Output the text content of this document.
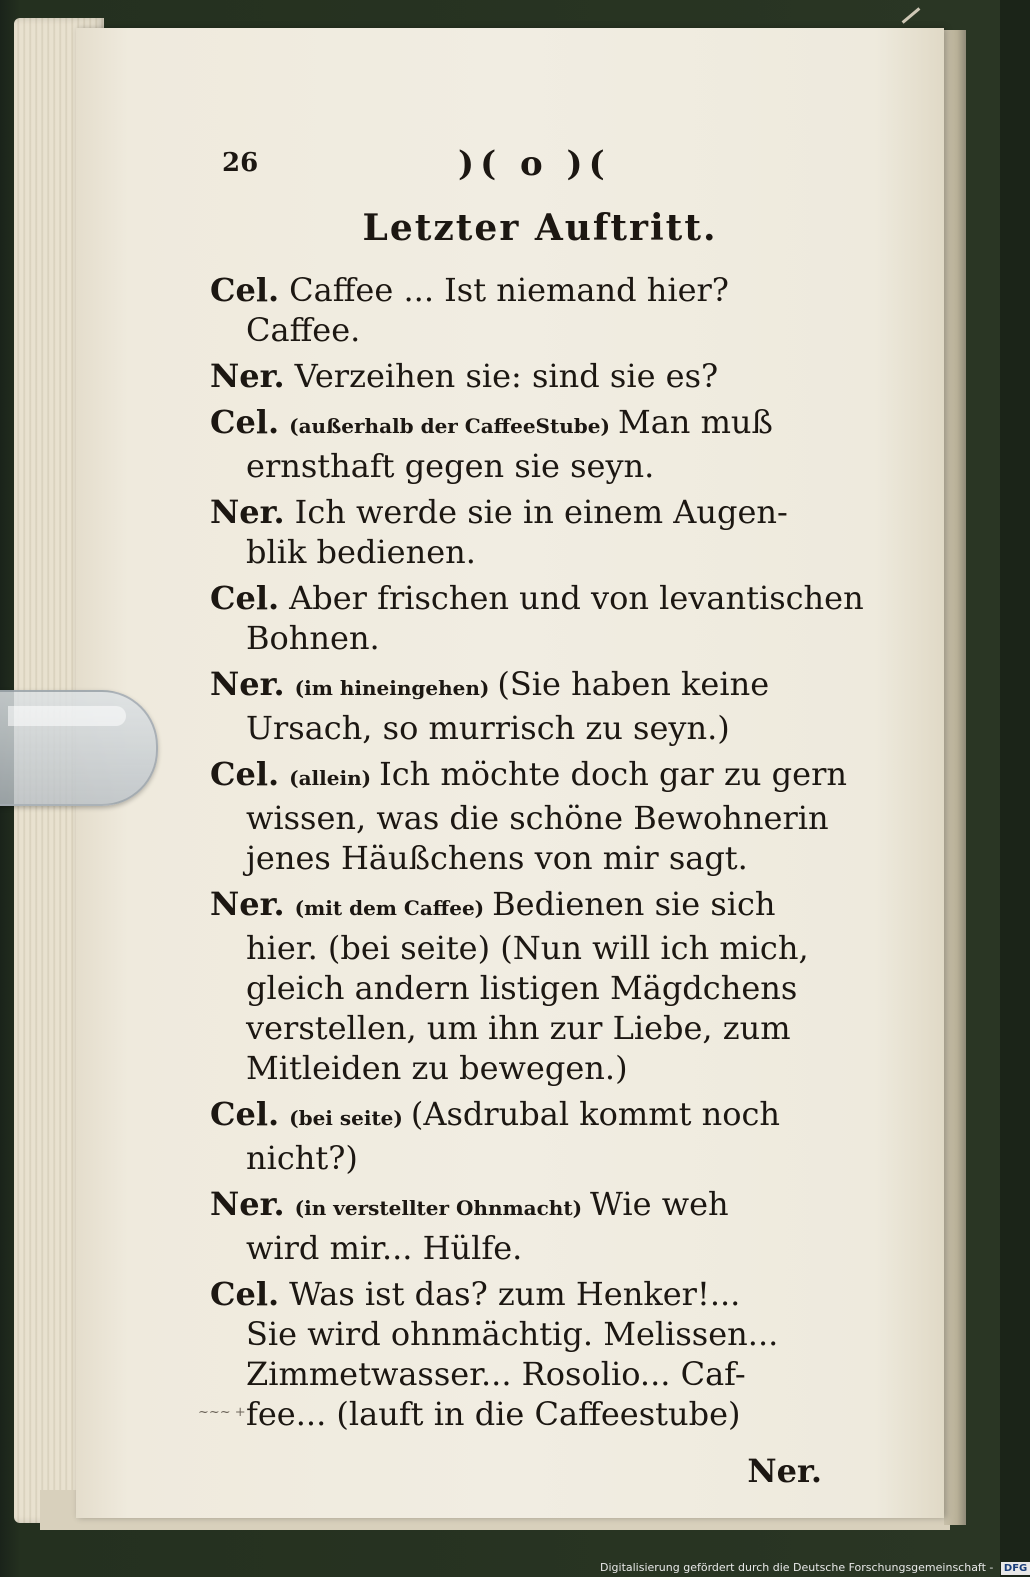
26	)( o )(
Letzter Auftritt.
Cel. Caffee ... Ist niemand hier?
Caffee.
Ner. Verzeihen sie: sind sie es?
Cel. (außerhalb der CaffeeStube) Man muß
ernsthaft gegen sie seyn.
Ner. Ich werde sie in einem Augen-
blik bedienen.
Cel. Aber frischen und von levantischen
Bohnen.
Ner. (im hineingehen) (Sie haben keine
Ursach, so murrisch zu seyn.)
Cel. (allein) Ich möchte doch gar zu gern
wissen, was die schöne Bewohnerin
jenes Häußchens von mir sagt.
Ner. (mit dem Caffee) Bedienen sie sich
hier. (bei seite) (Nun will ich mich,
gleich andern listigen Mägdchens
verstellen, um ihn zur Liebe, zum
Mitleiden zu bewegen.)
Cel. (bei seite) (Asdrubal kommt noch
nicht?)
Ner. (in verstellter Ohnmacht) Wie weh
wird mir... Hülfe.
Cel. Was ist das? zum Henker!...
Sie wird ohnmächtig. Melissen...
Zimmetwasser... Rosolio... Caf-
fee... (lauft in die Caffeestube)
Ner.
~~~ +
Digitalisierung gefördert durch die Deutsche Forschungsgemeinschaft - DFG
